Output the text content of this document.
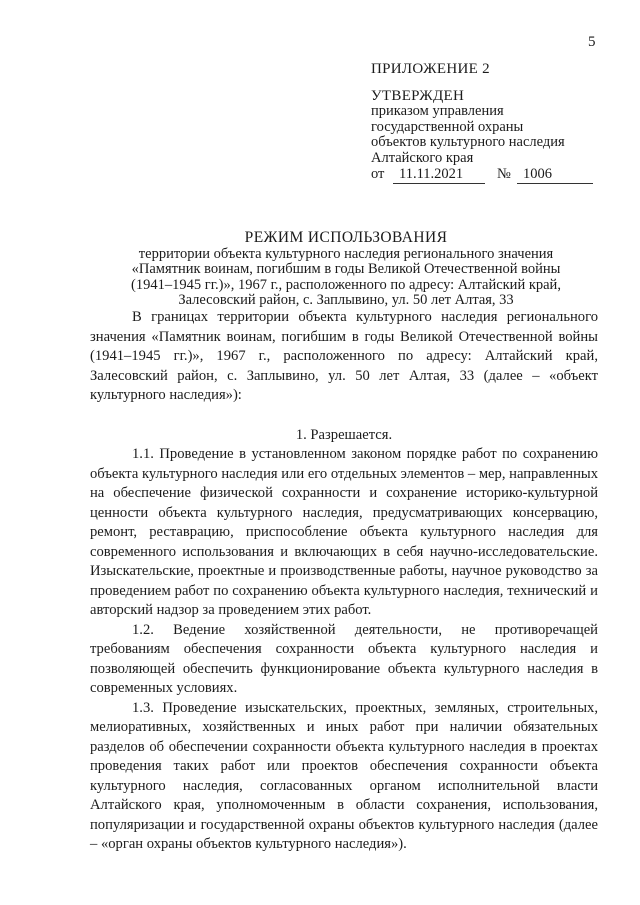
5
ПРИЛОЖЕНИЕ 2
УТВЕРЖДЕН
приказом управления
государственной охраны
объектов культурного наследия
Алтайского края
от	11.11.2021	№ 1006
РЕЖИМ ИСПОЛЬЗОВАНИЯ
территории объекта культурного наследия регионального значения
«Памятник воинам, погибшим в годы Великой Отечественной войны
(1941–1945 гг.)», 1967 г., расположенного по адресу: Алтайский край,
Залесовский район, с. Заплывино, ул. 50 лет Алтая, 33

В границах территории объекта культурного наследия регионального значения «Памятник воинам, погибшим в годы Великой Отечественной войны (1941–1945 гг.)», 1967 г., расположенного по адресу: Алтайский край, Залесовский район, с. Заплывино, ул. 50 лет Алтая, 33 (далее – «объект культурного наследия»):

1. Разрешается.

1.1. Проведение в установленном законом порядке работ по сохранению объекта культурного наследия или его отдельных элементов – мер, направленных на обеспечение физической сохранности и сохранение историко-культурной ценности объекта культурного наследия, предусматривающих консервацию, ремонт, реставрацию, приспособление объекта культурного наследия для современного использования и включающих в себя научно-исследовательские. Изыскательские, проектные и производственные работы, научное руководство за проведением работ по сохранению объекта культурного наследия, технический и авторский надзор за проведением этих работ.

1.2. Ведение хозяйственной деятельности, не противоречащей требованиям обеспечения сохранности объекта культурного наследия и позволяющей обеспечить функционирование объекта культурного наследия в современных условиях.

1.3. Проведение изыскательских, проектных, земляных, строительных, мелиоративных, хозяйственных и иных работ при наличии обязательных разделов об обеспечении сохранности объекта культурного наследия в проектах проведения таких работ или проектов обеспечения сохранности объекта культурного наследия, согласованных органом исполнительной власти Алтайского края, уполномоченным в области сохранения, использования, популяризации и государственной охраны объектов культурного наследия (далее – «орган охраны объектов культурного наследия»).
